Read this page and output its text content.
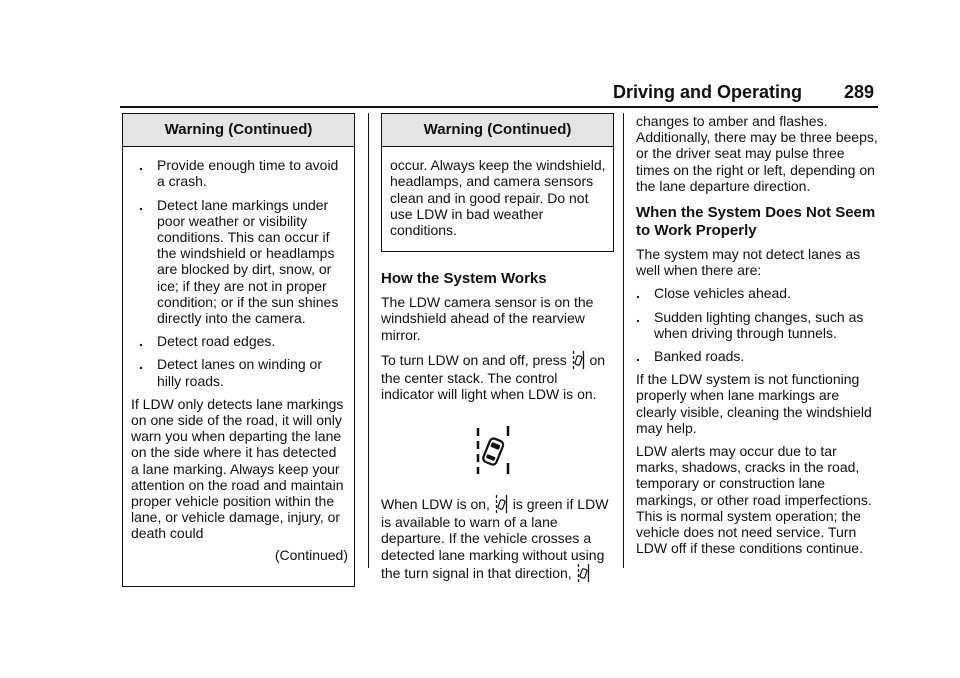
Driving and Operating 289
Warning (Continued)
.	Provide enough time to avoid a crash.
.	Detect lane markings under poor weather or visibility conditions. This can occur if the windshield or headlamps are blocked by dirt, snow, or ice; if they are not in proper condition; or if the sun shines directly into the camera.
.	Detect road edges.
.	Detect lanes on winding or hilly roads.

If LDW only detects lane markings on one side of the road, it will only warn you when departing the lane on the side where it has detected a lane marking. Always keep your attention on the road and maintain proper vehicle position within the lane, or vehicle damage, injury, or death could

(Continued)
Warning (Continued)

occur. Always keep the windshield, headlamps, and camera sensors clean and in good repair. Do not use LDW in bad weather conditions.

How the System Works

The LDW camera sensor is on the windshield ahead of the rearview mirror.

To turn LDW on and off, press on the center stack. The control indicator will light when LDW is on.

When LDW is on, is green if LDW is available to warn of a lane departure. If the vehicle crosses a detected lane marking without using the turn signal in that direction,

changes to amber and flashes. Additionally, there may be three beeps, or the driver seat may pulse three times on the right or left, depending on the lane departure direction.

When the System Does Not Seem to Work Properly

The system may not detect lanes as well when there are:

.	Close vehicles ahead.
.	Sudden lighting changes, such as when driving through tunnels.
.	Banked roads.

If the LDW system is not functioning properly when lane markings are clearly visible, cleaning the windshield may help.

LDW alerts may occur due to tar marks, shadows, cracks in the road, temporary or construction lane markings, or other road imperfections. This is normal system operation; the vehicle does not need service. Turn LDW off if these conditions continue.
